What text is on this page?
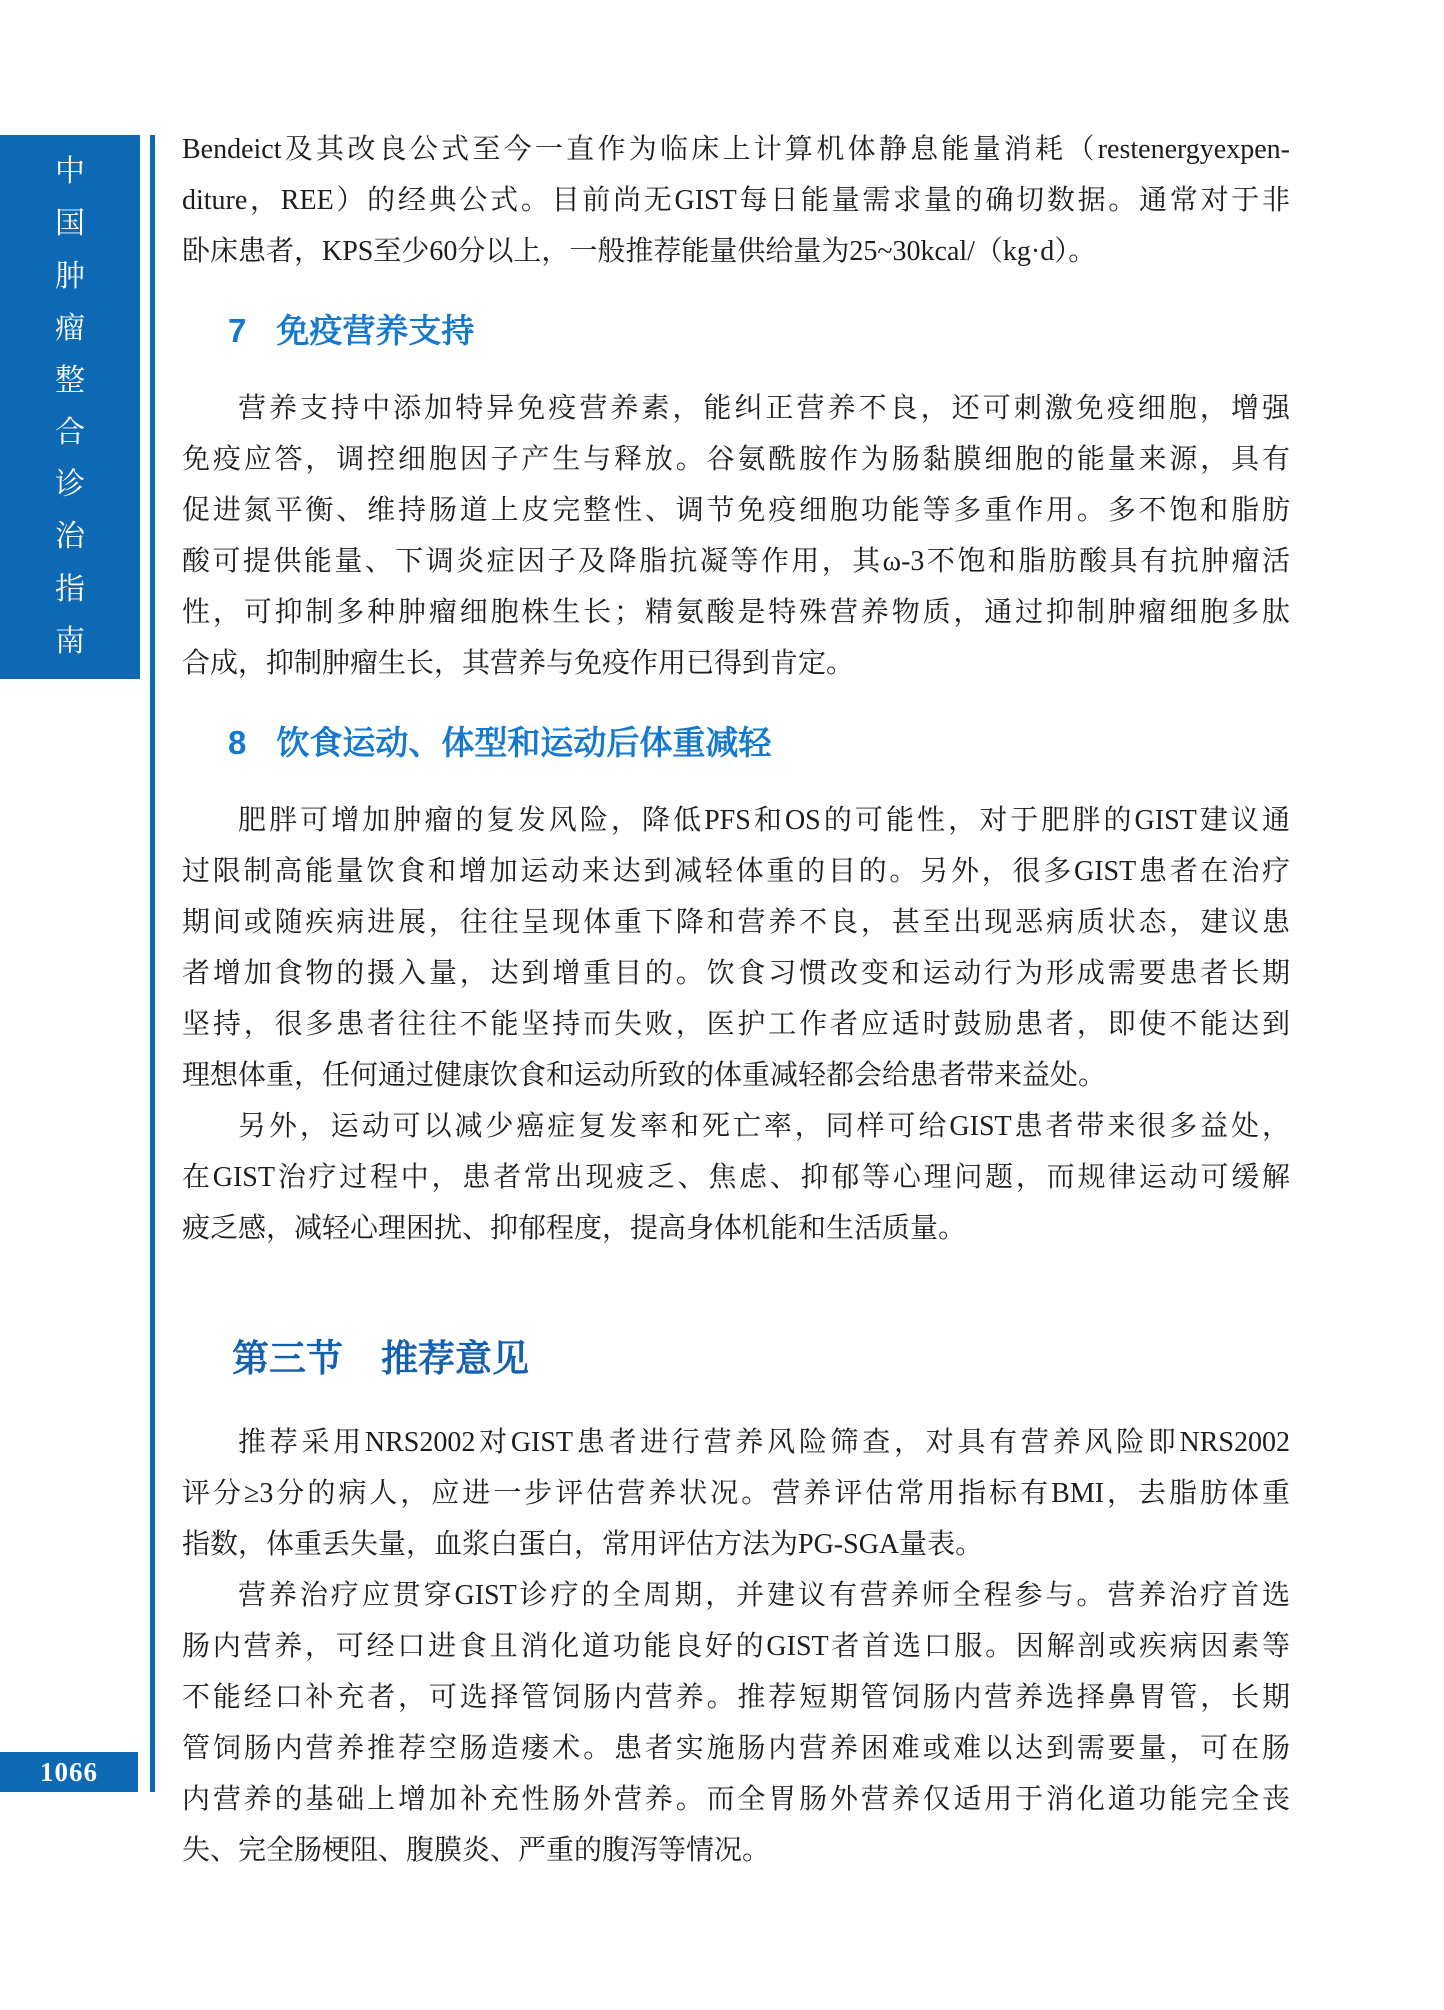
中
国
肿
瘤
整
合
诊
治
指
南
1066
Bendeict及其改良公式至今一直作为临床上计算机体静息能量消耗（restenergyexpen-
diture，REE）的经典公式。目前尚无GIST每日能量需求量的确切数据。通常对于非
卧床患者，KPS至少60分以上，一般推荐能量供给量为25~30kcal/（kg·d）。
7 免疫营养支持
营养支持中添加特异免疫营养素，能纠正营养不良，还可刺激免疫细胞，增强
免疫应答，调控细胞因子产生与释放。谷氨酰胺作为肠黏膜细胞的能量来源，具有
促进氮平衡、维持肠道上皮完整性、调节免疫细胞功能等多重作用。多不饱和脂肪
酸可提供能量、下调炎症因子及降脂抗凝等作用，其ω-3不饱和脂肪酸具有抗肿瘤活
性，可抑制多种肿瘤细胞株生长；精氨酸是特殊营养物质，通过抑制肿瘤细胞多肽
合成，抑制肿瘤生长，其营养与免疫作用已得到肯定。
8 饮食运动、体型和运动后体重减轻
肥胖可增加肿瘤的复发风险，降低PFS和OS的可能性，对于肥胖的GIST建议通
过限制高能量饮食和增加运动来达到减轻体重的目的。另外，很多GIST患者在治疗
期间或随疾病进展，往往呈现体重下降和营养不良，甚至出现恶病质状态，建议患
者增加食物的摄入量，达到增重目的。饮食习惯改变和运动行为形成需要患者长期
坚持，很多患者往往不能坚持而失败，医护工作者应适时鼓励患者，即使不能达到
理想体重，任何通过健康饮食和运动所致的体重减轻都会给患者带来益处。
另外，运动可以减少癌症复发率和死亡率，同样可给GIST患者带来很多益处，
在GIST治疗过程中，患者常出现疲乏、焦虑、抑郁等心理问题，而规律运动可缓解
疲乏感，减轻心理困扰、抑郁程度，提高身体机能和生活质量。
第三节 推荐意见
推荐采用NRS2002对GIST患者进行营养风险筛查，对具有营养风险即NRS2002
评分≥3分的病人，应进一步评估营养状况。营养评估常用指标有BMI，去脂肪体重
指数，体重丢失量，血浆白蛋白，常用评估方法为PG-SGA量表。
营养治疗应贯穿GIST诊疗的全周期，并建议有营养师全程参与。营养治疗首选
肠内营养，可经口进食且消化道功能良好的GIST者首选口服。因解剖或疾病因素等
不能经口补充者，可选择管饲肠内营养。推荐短期管饲肠内营养选择鼻胃管，长期
管饲肠内营养推荐空肠造瘘术。患者实施肠内营养困难或难以达到需要量，可在肠
内营养的基础上增加补充性肠外营养。而全胃肠外营养仅适用于消化道功能完全丧
失、完全肠梗阻、腹膜炎、严重的腹泻等情况。
